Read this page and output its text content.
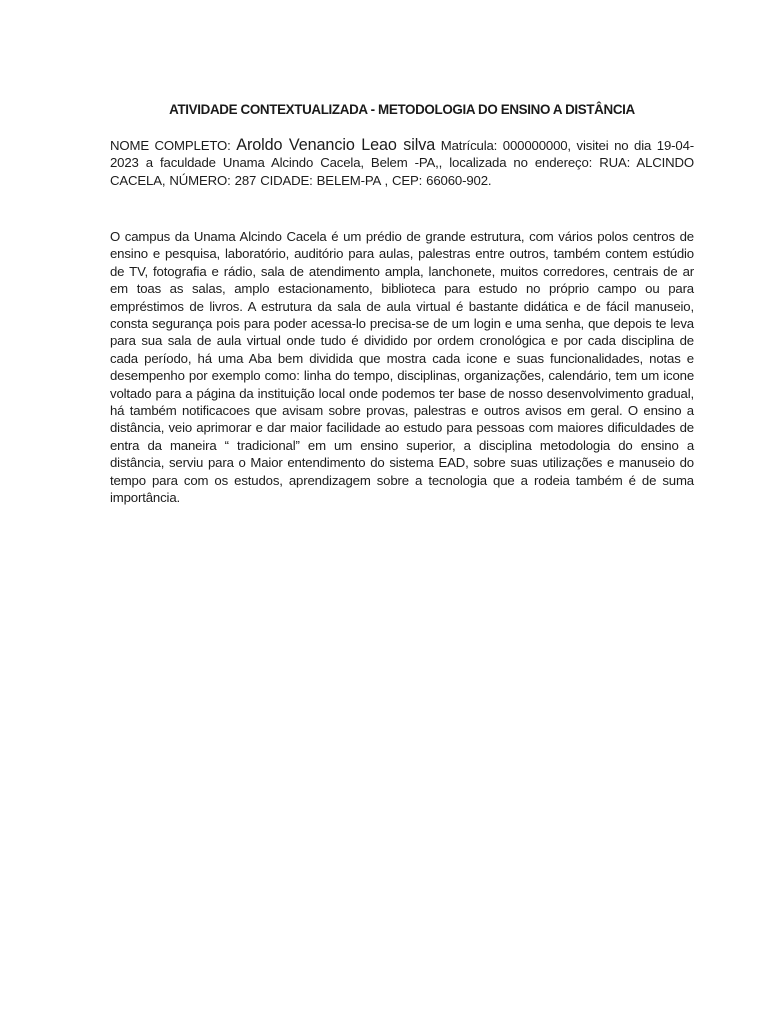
ATIVIDADE CONTEXTUALIZADA - METODOLOGIA DO ENSINO A DISTÂNCIA

NOME COMPLETO: Aroldo Venancio Leao silva Matrícula: 000000000, visitei no dia 19-04-2023 a faculdade Unama Alcindo Cacela, Belem -PA,, localizada no endereço: RUA: ALCINDO CACELA, NÚMERO: 287 CIDADE: BELEM-PA , CEP: 66060-902.

O campus da Unama Alcindo Cacela é um prédio de grande estrutura, com vários polos centros de ensino e pesquisa, laboratório, auditório para aulas, palestras entre outros, também contem estúdio de TV, fotografia e rádio, sala de atendimento ampla, lanchonete, muitos corredores, centrais de ar em toas as salas, amplo estacionamento, biblioteca para estudo no próprio campo ou para empréstimos de livros. A estrutura da sala de aula virtual é bastante didática e de fácil manuseio, consta segurança pois para poder acessa-lo precisa-se de um login e uma senha, que depois te leva para sua sala de aula virtual onde tudo é dividido por ordem cronológica e por cada disciplina de cada período, há uma Aba bem dividida que mostra cada icone e suas funcionalidades, notas e desempenho por exemplo como: linha do tempo, disciplinas, organizações, calendário, tem um icone voltado para a página da instituição local onde podemos ter base de nosso desenvolvimento gradual, há também notificacoes que avisam sobre provas, palestras e outros avisos em geral. O ensino a distância, veio aprimorar e dar maior facilidade ao estudo para pessoas com maiores dificuldades de entra da maneira “ tradicional” em um ensino superior, a disciplina metodologia do ensino a distância, serviu para o Maior entendimento do sistema EAD, sobre suas utilizações e manuseio do tempo para com os estudos, aprendizagem sobre a tecnologia que a rodeia também é de suma importância.
